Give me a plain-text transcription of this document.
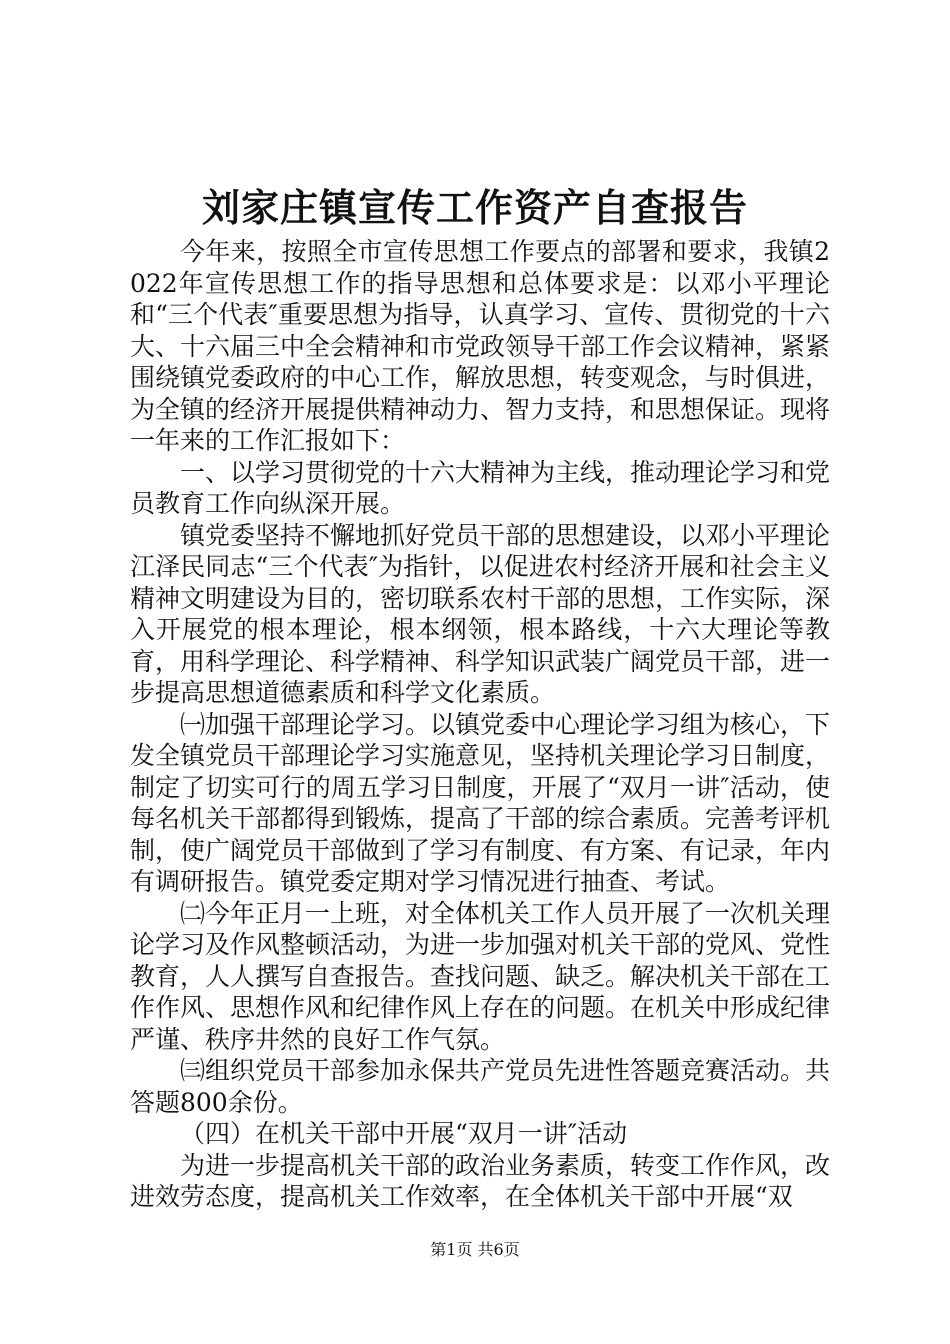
刘家庄镇宣传工作资产自查报告

今年来，按照全市宣传思想工作要点的部署和要求，我镇2022年宣传思想工作的指导思想和总体要求是：以邓小平理论和“三个代表″重要思想为指导，认真学习、宣传、贯彻党的十六大、十六届三中全会精神和市党政领导干部工作会议精神，紧紧围绕镇党委政府的中心工作，解放思想，转变观念，与时俱进，为全镇的经济开展提供精神动力、智力支持，和思想保证。现将一年来的工作汇报如下：

一、以学习贯彻党的十六大精神为主线，推动理论学习和党员教育工作向纵深开展。

镇党委坚持不懈地抓好党员干部的思想建设，以邓小平理论江泽民同志“三个代表″为指针，以促进农村经济开展和社会主义精神文明建设为目的，密切联系农村干部的思想，工作实际，深入开展党的根本理论，根本纲领，根本路线，十六大理论等教育，用科学理论、科学精神、科学知识武装广阔党员干部，进一步提高思想道德素质和科学文化素质。

㈠加强干部理论学习。以镇党委中心理论学习组为核心，下发全镇党员干部理论学习实施意见，坚持机关理论学习日制度，制定了切实可行的周五学习日制度，开展了“双月一讲″活动，使每名机关干部都得到锻炼，提高了干部的综合素质。完善考评机制，使广阔党员干部做到了学习有制度、有方案、有记录，年内有调研报告。镇党委定期对学习情况进行抽查、考试。

㈡今年正月一上班，对全体机关工作人员开展了一次机关理论学习及作风整顿活动，为进一步加强对机关干部的党风、党性教育，人人撰写自查报告。查找问题、缺乏。解决机关干部在工作作风、思想作风和纪律作风上存在的问题。在机关中形成纪律严谨、秩序井然的良好工作气氛。

㈢组织党员干部参加永保共产党员先进性答题竞赛活动。共答题800余份。

（四）在机关干部中开展“双月一讲″活动

为进一步提高机关干部的政治业务素质，转变工作作风，改进效劳态度，提高机关工作效率，在全体机关干部中开展“双

第1页 共6页
